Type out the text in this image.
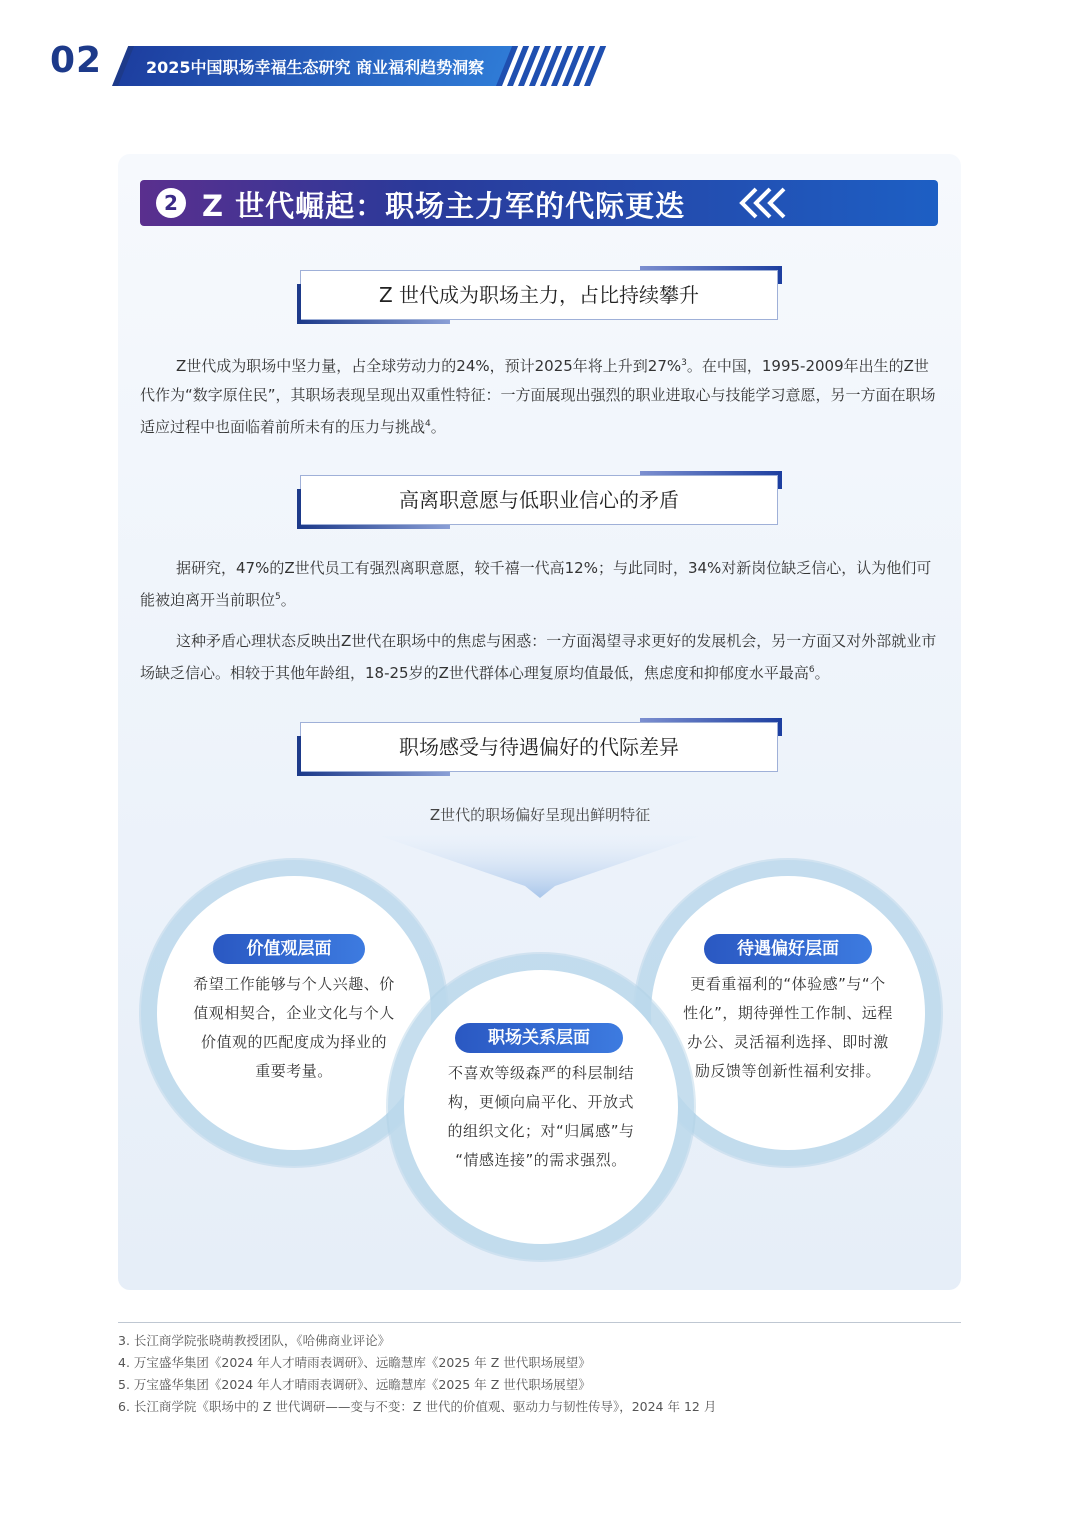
02	2025中国职场幸福生态研究 商业福利趋势洞察
2 Z 世代崛起：职场主力军的代际更迭
Z 世代成为职场主力，占比持续攀升

Z世代成为职场中坚力量，占全球劳动力的24%，预计2025年将上升到27%$^3$。在中国，1995-2009年出生的Z世代作为“数字原住民”，其职场表现呈现出双重性特征：一方面展现出强烈的职业进取心与技能学习意愿，另一方面在职场适应过程中也面临着前所未有的压力与挑战$^4$。

高离职意愿与低职业信心的矛盾

据研究，47%的Z世代员工有强烈离职意愿，较千禧一代高12%；与此同时，34%对新岗位缺乏信心，认为他们可能被迫离开当前职位$^5$。

这种矛盾心理状态反映出Z世代在职场中的焦虑与困惑：一方面渴望寻求更好的发展机会，另一方面又对外部就业市场缺乏信心。相较于其他年龄组，18-25岁的Z世代群体心理复原均值最低，焦虑度和抑郁度水平最高$^6$。

职场感受与待遇偏好的代际差异
Z世代的职场偏好呈现出鲜明特征
价值观层面
希望工作能够与个人兴趣、价
值观相契合，企业文化与个人
价值观的匹配度成为择业的
重要考量。
待遇偏好层面
更看重福利的“体验感”与“个
性化”，期待弹性工作制、远程
办公、灵活福利选择、即时激
励反馈等创新性福利安排。
职场关系层面
不喜欢等级森严的科层制结
构，更倾向扁平化、开放式
的组织文化；对“归属感”与
“情感连接”的需求强烈。
3. 长江商学院张晓萌教授团队，《哈佛商业评论》
4. 万宝盛华集团《2024 年人才晴雨表调研》、远瞻慧库《2025 年 Z 世代职场展望》
5. 万宝盛华集团《2024 年人才晴雨表调研》、远瞻慧库《2025 年 Z 世代职场展望》
6. 长江商学院《职场中的 Z 世代调研——变与不变：Z 世代的价值观、驱动力与韧性传导》，2024 年 12 月
